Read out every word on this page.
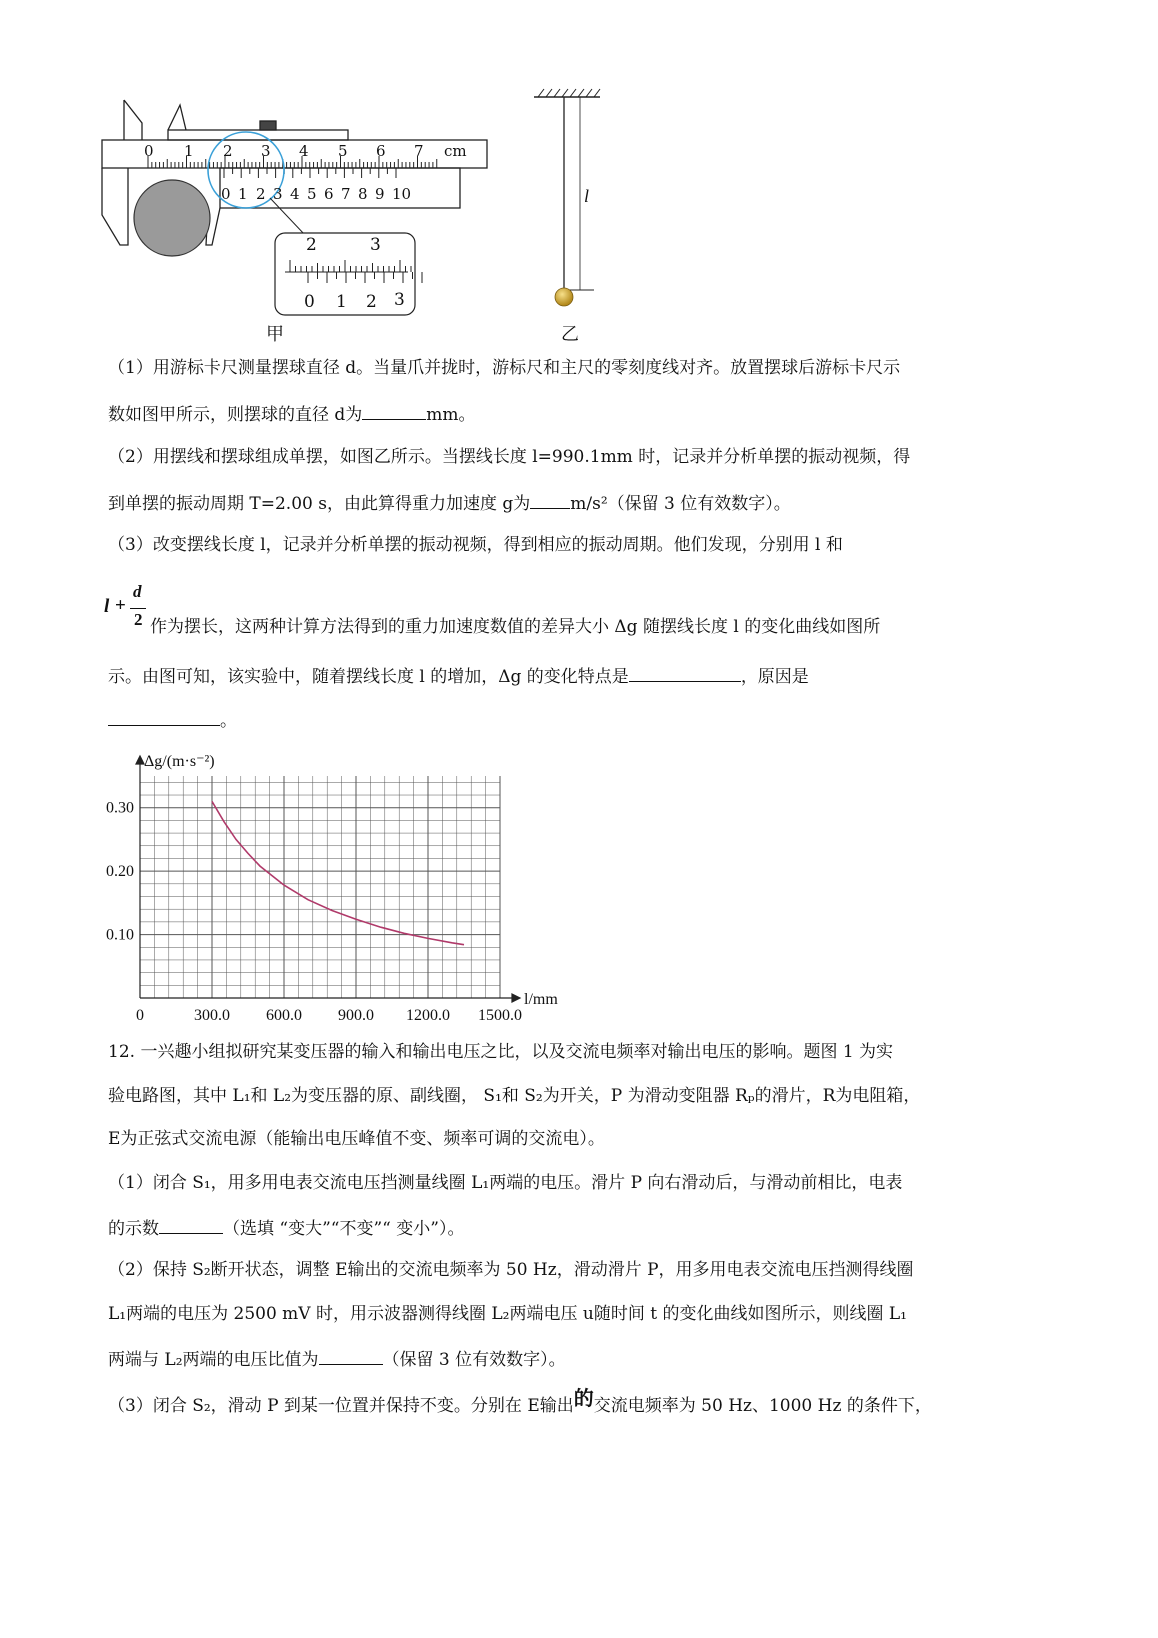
0 1 2 3 4 5 6 7 cm
0 1 2 3 4 5 6 7 8 9 10
2	3
0 1 2 3
甲
l
乙
（1）用游标卡尺测量摆球直径 d。当量爪并拢时，游标尺和主尺的零刻度线对齐。放置摆球后游标卡尺示
数如图甲所示，则摆球的直径 d为	mm。
（2）用摆线和摆球组成单摆，如图乙所示。当摆线长度 l=990.1mm 时，记录并分析单摆的振动视频，得
到单摆的振动周期 T=2.00 s，由此算得重力加速度 g为 m/s²（保留 3 位有效数字）。
（3）改变摆线长度 l，记录并分析单摆的振动视频，得到相应的振动周期。他们发现，分别用 l 和
l +
d
2 作为摆长，这两种计算方法得到的重力加速度数值的差异大小 Δg 随摆线长度 l 的变化曲线如图所
示。由图可知，该实验中，随着摆线长度 l 的增加，Δg 的变化特点是	，原因是
。
0	300.0 600.0 900.0 1200.0 1500.0
0.10
0.20
0.30
Δg/(m·s⁻²)
l/mm
12. 一兴趣小组拟研究某变压器的输入和输出电压之比，以及交流电频率对输出电压的影响。题图 1 为实
验电路图，其中 L₁和 L₂为变压器的原、副线圈， S₁和 S₂为开关，P 为滑动变阻器 Rₚ的滑片，R为电阻箱，
E为正弦式交流电源（能输出电压峰值不变、频率可调的交流电）。
（1）闭合 S₁，用多用电表交流电压挡测量线圈 L₁两端的电压。滑片 P 向右滑动后，与滑动前相比，电表
的示数	（选填 “变大”“不变”“ 变小”）。
（2）保持 S₂断开状态，调整 E输出的交流电频率为 50 Hz，滑动滑片 P，用多用电表交流电压挡测得线圈
L₁两端的电压为 2500 mV 时，用示波器测得线圈 L₂两端电压 u随时间 t 的变化曲线如图所示，则线圈 L₁
两端与 L₂两端的电压比值为	（保留 3 位有效数字）。
（3）闭合 S₂，滑动 P 到某一位置并保持不变。分别在 E输出的交流电频率为 50 Hz、1000 Hz 的条件下，
